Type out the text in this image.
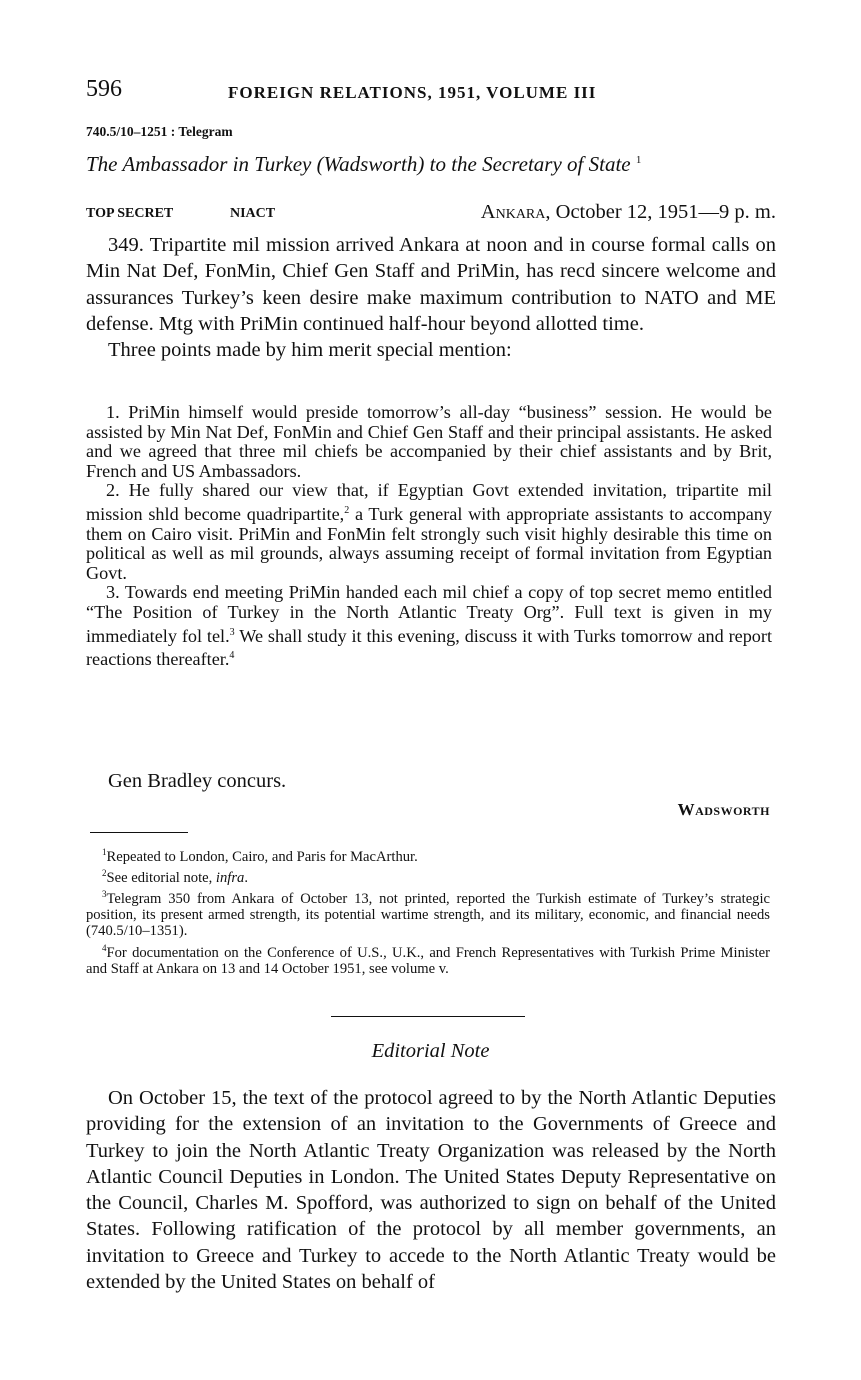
596	FOREIGN RELATIONS, 1951, VOLUME III
740.5/10–1251 : Telegram
The Ambassador in Turkey (Wadsworth) to the Secretary of State $^1$
TOP SECRET	NIACT	Ankara, October 12, 1951—9 p. m.

349. Tripartite mil mission arrived Ankara at noon and in course formal calls on Min Nat Def, FonMin, Chief Gen Staff and PriMin, has recd sincere welcome and assurances Turkey’s keen desire make maximum contribution to NATO and ME defense. Mtg with PriMin continued half-hour beyond allotted time.

Three points made by him merit special mention:

1. PriMin himself would preside tomorrow’s all-day “business” session. He would be assisted by Min Nat Def, FonMin and Chief Gen Staff and their principal assistants. He asked and we agreed that three mil chiefs be accompanied by their chief assistants and by Brit, French and US Ambassadors.

2. He fully shared our view that, if Egyptian Govt extended invitation, tripartite mil mission shld become quadripartite,$^2$ a Turk general with appropriate assistants to accompany them on Cairo visit. PriMin and FonMin felt strongly such visit highly desirable this time on political as well as mil grounds, always assuming receipt of formal invitation from Egyptian Govt.

3. Towards end meeting PriMin handed each mil chief a copy of top secret memo entitled “The Position of Turkey in the North Atlantic Treaty Org”. Full text is given in my immediately fol tel.$^3$ We shall study it this evening, discuss it with Turks tomorrow and report reactions thereafter.$^4$

Gen Bradley concurs.
Wadsworth

$^1$Repeated to London, Cairo, and Paris for MacArthur.

$^2$See editorial note, infra.

$^3$Telegram 350 from Ankara of October 13, not printed, reported the Turkish estimate of Turkey’s strategic position, its present armed strength, its potential wartime strength, and its military, economic, and financial needs (740.5/10–1351).

$^4$For documentation on the Conference of U.S., U.K., and French Representatives with Turkish Prime Minister and Staff at Ankara on 13 and 14 October 1951, see volume v.

Editorial Note

On October 15, the text of the protocol agreed to by the North Atlantic Deputies providing for the extension of an invitation to the Governments of Greece and Turkey to join the North Atlantic Treaty Organization was released by the North Atlantic Council Deputies in London. The United States Deputy Representative on the Council, Charles M. Spofford, was authorized to sign on behalf of the United States. Following ratification of the protocol by all member governments, an invitation to Greece and Turkey to accede to the North Atlantic Treaty would be extended by the United States on behalf of
